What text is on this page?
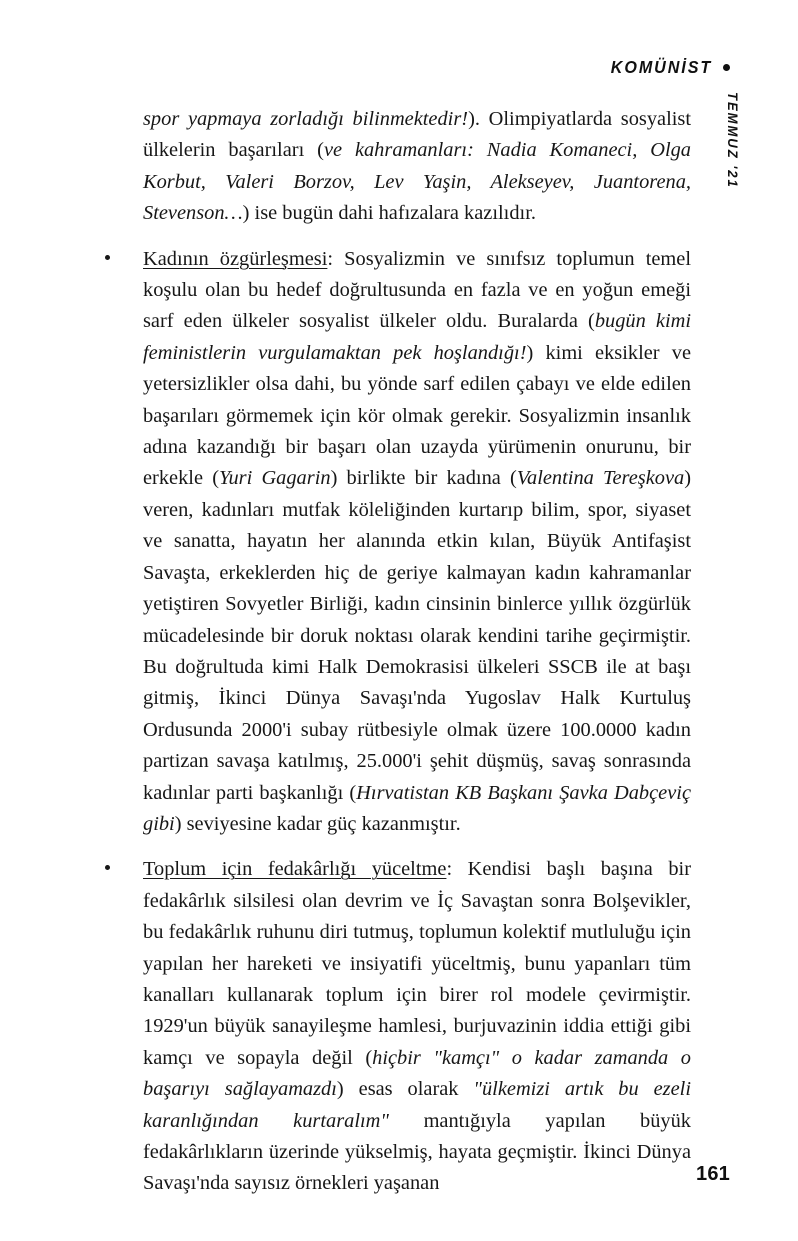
KOMÜNİST
TEMMUZ '21

spor yapmaya zorladığı bilinmektedir!). Olimpiyatlarda sosyalist ülkelerin başarıları (ve kahramanları: Nadia Komaneci, Olga Korbut, Valeri Borzov, Lev Yaşin, Alekseyev, Juantorena, Stevenson…) ise bugün dahi hafızalara kazılıdır.

Kadının özgürleşmesi: Sosyalizmin ve sınıfsız toplumun temel koşulu olan bu hedef doğrultusunda en fazla ve en yoğun emeği sarf eden ülkeler sosyalist ülkeler oldu. Buralarda (bugün kimi feministlerin vurgulamaktan pek hoşlandığı!) kimi eksikler ve yetersizlikler olsa dahi, bu yönde sarf edilen çabayı ve elde edilen başarıları görmemek için kör olmak gerekir. Sosyalizmin insanlık adına kazandığı bir başarı olan uzayda yürümenin onurunu, bir erkekle (Yuri Gagarin) birlikte bir kadına (Valentina Tereşkova) veren, kadınları mutfak köleliğinden kurtarıp bilim, spor, siyaset ve sanatta, hayatın her alanında etkin kılan, Büyük Antifaşist Savaşta, erkeklerden hiç de geriye kalmayan kadın kahramanlar yetiştiren Sovyetler Birliği, kadın cinsinin binlerce yıllık özgürlük mücadelesinde bir doruk noktası olarak kendini tarihe geçirmiştir. Bu doğrultuda kimi Halk Demokrasisi ülkeleri SSCB ile at başı gitmiş, İkinci Dünya Savaşı'nda Yugoslav Halk Kurtuluş Ordusunda 2000'i subay rütbesiyle olmak üzere 100.0000 kadın partizan savaşa katılmış, 25.000'i şehit düşmüş, savaş sonrasında kadınlar parti başkanlığı (Hırvatistan KB Başkanı Şavka Dabçeviç gibi) seviyesine kadar güç kazanmıştır.

Toplum için fedakârlığı yüceltme: Kendisi başlı başına bir fedakârlık silsilesi olan devrim ve İç Savaştan sonra Bolşevikler, bu fedakârlık ruhunu diri tutmuş, toplumun kolektif mutluluğu için yapılan her hareketi ve insiyatifi yüceltmiş, bunu yapanları tüm kanalları kullanarak toplum için birer rol modele çevirmiştir. 1929'un büyük sanayileşme hamlesi, burjuvazinin iddia ettiği gibi kamçı ve sopayla değil (hiçbir "kamçı" o kadar zamanda o başarıyı sağlayamazdı) esas olarak "ülkemizi artık bu ezeli karanlığından kurtaralım" mantığıyla yapılan büyük fedakârlıkların üzerinde yükselmiş, hayata geçmiştir. İkinci Dünya Savaşı'nda sayısız örnekleri yaşanan	161
